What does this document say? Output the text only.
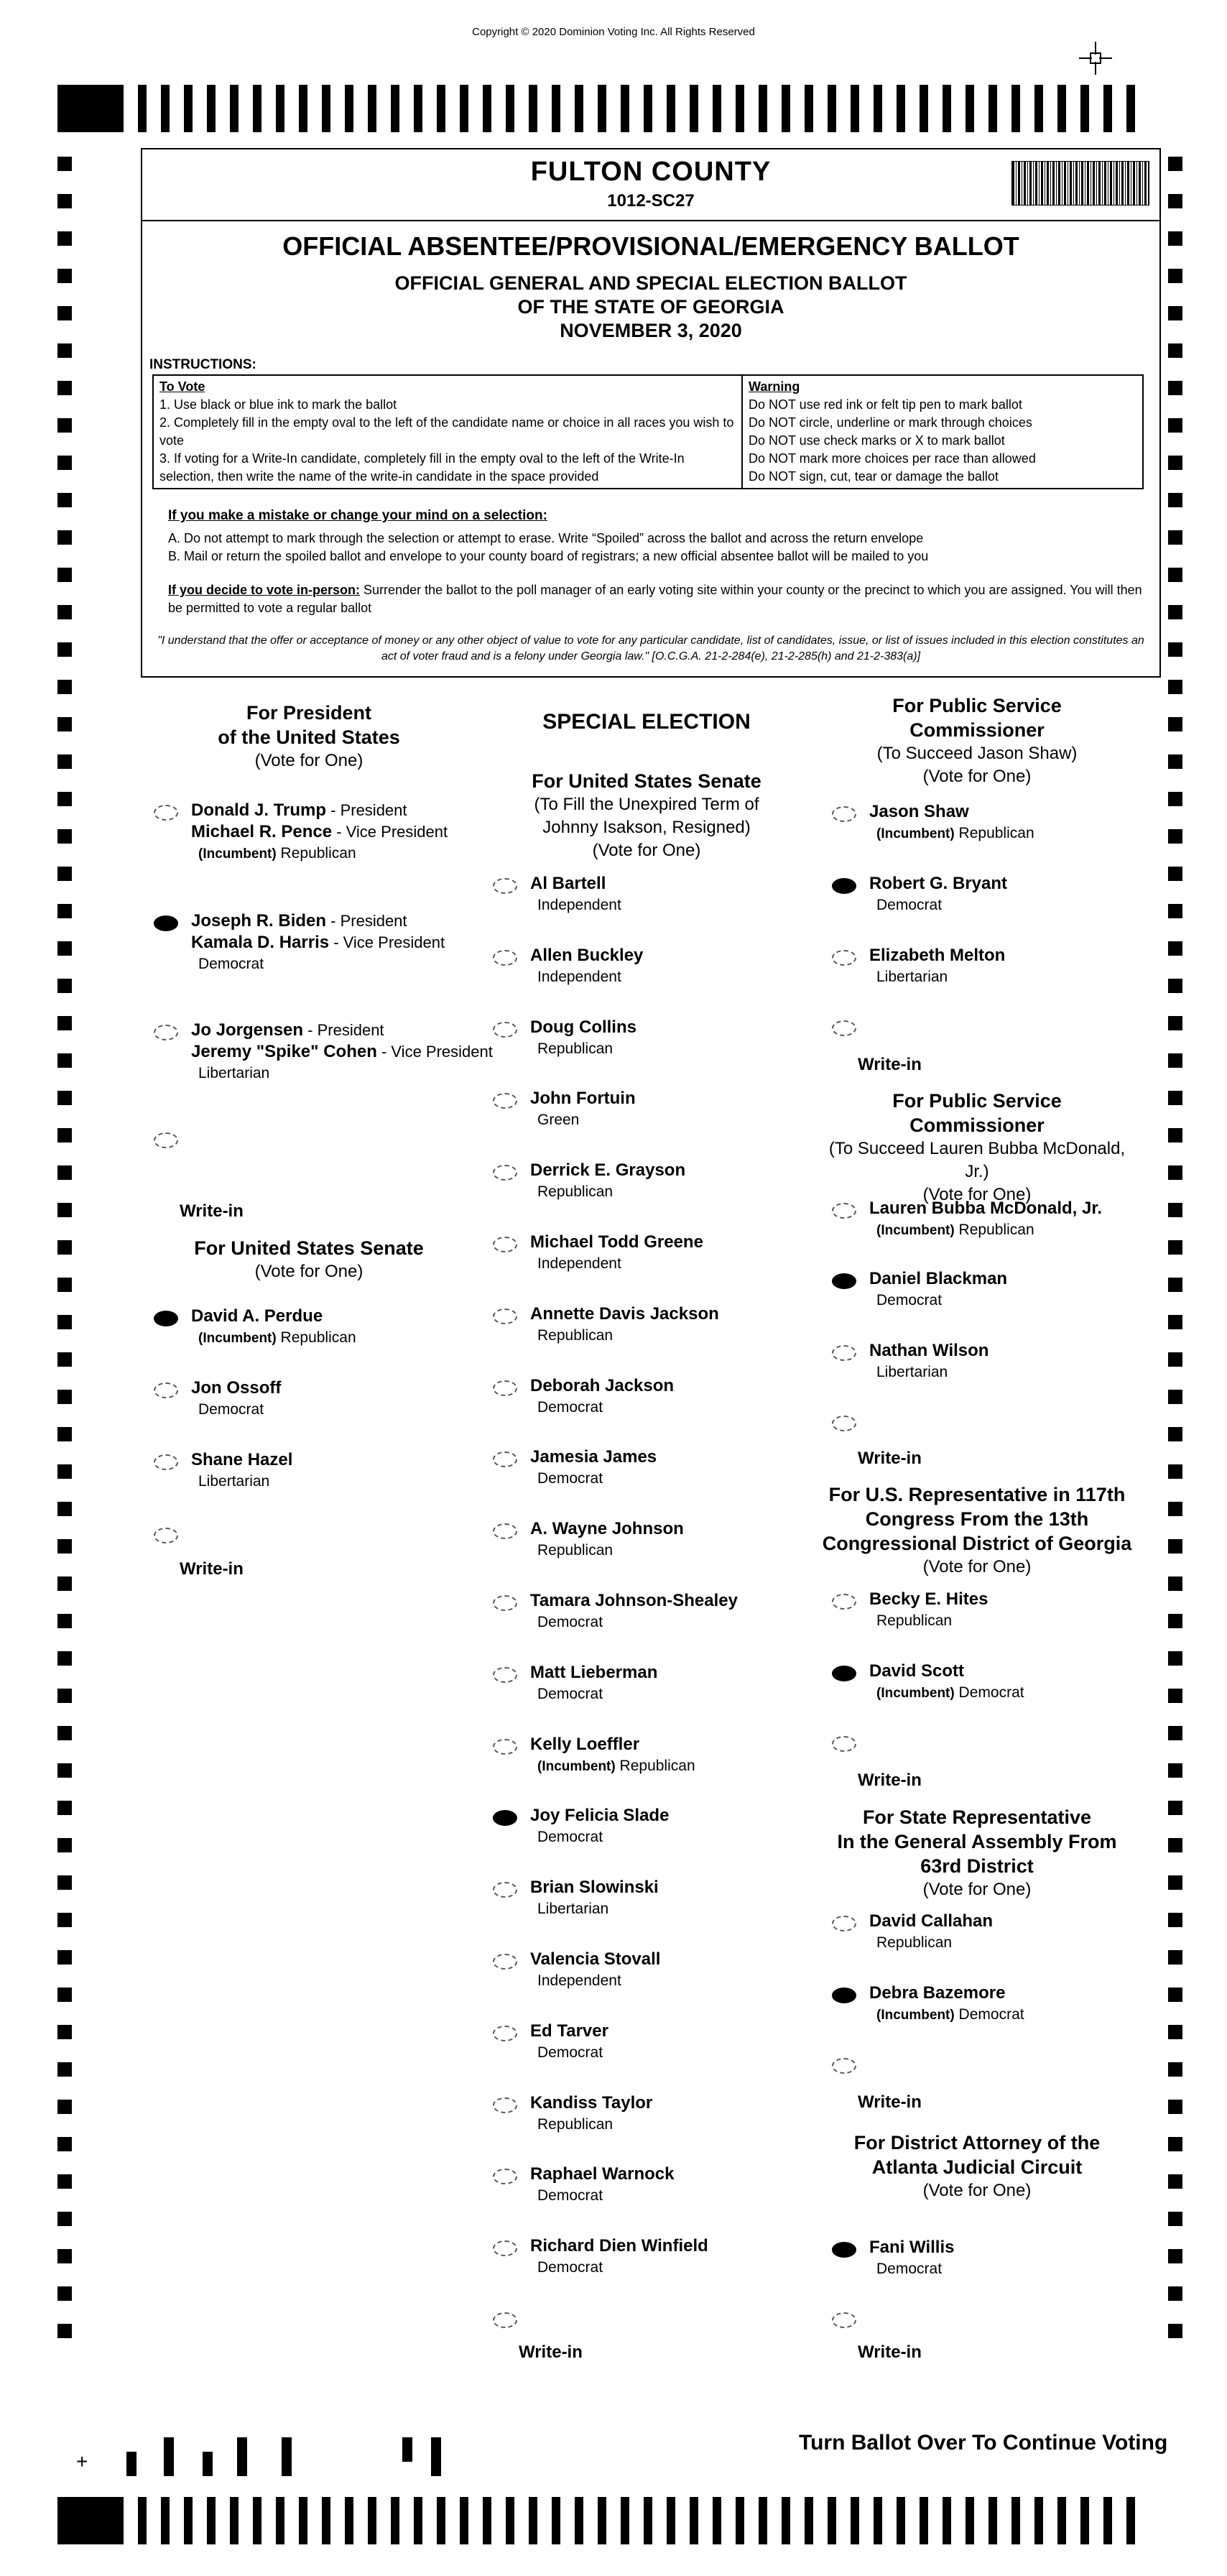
Copyright © 2020 Dominion Voting Inc. All Rights Reserved
FULTON COUNTY
1012-SC27
OFFICIAL ABSENTEE/PROVISIONAL/EMERGENCY BALLOT
OFFICIAL GENERAL AND SPECIAL ELECTION BALLOT
OF THE STATE OF GEORGIA
NOVEMBER 3, 2020
INSTRUCTIONS:
To Vote
1. Use black or blue ink to mark the ballot
2. Completely fill in the empty oval to the left of the candidate name or choice in all races you wish to vote
3. If voting for a Write-In candidate, completely fill in the empty oval to the left of the Write-In selection, then write the name of the write-in candidate in the space provided
Warning
Do NOT use red ink or felt tip pen to mark ballot
Do NOT circle, underline or mark through choices
Do NOT use check marks or X to mark ballot
Do NOT mark more choices per race than allowed
Do NOT sign, cut, tear or damage the ballot
If you make a mistake or change your mind on a selection:
A. Do not attempt to mark through the selection or attempt to erase. Write “Spoiled” across the ballot and across the return envelope
B. Mail or return the spoiled ballot and envelope to your county board of registrars; a new official absentee ballot will be mailed to you
If you decide to vote in-person: Surrender the ballot to the poll manager of an early voting site within your county or the precinct to which you are assigned. You will then be permitted to vote a regular ballot
"I understand that the offer or acceptance of money or any other object of value to vote for any particular candidate, list of candidates, issue, or list of issues included in this election constitutes an act of voter fraud and is a felony under Georgia law." [O.C.G.A. 21-2-284(e), 21-2-285(h) and 21-2-383(a)]
For President
of the United States
(Vote for One)
Donald J. Trump - President
Michael R. Pence - Vice President
(Incumbent) Republican
Joseph R. Biden - President
Kamala D. Harris - Vice President
Democrat
Jo Jorgensen - President
Jeremy "Spike" Cohen - Vice President
Libertarian
Write-in
For United States Senate
(Vote for One)
David A. Perdue
(Incumbent) Republican
Jon Ossoff
Democrat
Shane Hazel
Libertarian
Write-in
SPECIAL ELECTION
For United States Senate
(To Fill the Unexpired Term of
Johnny Isakson, Resigned)
(Vote for One)
Al Bartell
Independent
Allen Buckley
Independent
Doug Collins
Republican
John Fortuin
Green
Derrick E. Grayson
Republican
Michael Todd Greene
Independent
Annette Davis Jackson
Republican
Deborah Jackson
Democrat
Jamesia James
Democrat
A. Wayne Johnson
Republican
Tamara Johnson-Shealey
Democrat
Matt Lieberman
Democrat
Kelly Loeffler
(Incumbent) Republican
Joy Felicia Slade
Democrat
Brian Slowinski
Libertarian
Valencia Stovall
Independent
Ed Tarver
Democrat
Kandiss Taylor
Republican
Raphael Warnock
Democrat
Richard Dien Winfield
Democrat
Write-in
For Public Service
Commissioner
(To Succeed Jason Shaw)
(Vote for One)
For Public Service
Commissioner
(To Succeed Lauren Bubba McDonald, Jr.)
(Vote for One)
For U.S. Representative in 117th
Congress From the 13th
Congressional District of Georgia
(Vote for One)
For State Representative
In the General Assembly From
63rd District
(Vote for One)
For District Attorney of the
Atlanta Judicial Circuit
(Vote for One)
Jason Shaw
(Incumbent) Republican
Robert G. Bryant
Democrat
Elizabeth Melton
Libertarian
Write-in
Lauren Bubba McDonald, Jr.
(Incumbent) Republican
Daniel Blackman
Democrat
Nathan Wilson
Libertarian
Write-in
Becky E. Hites
Republican
David Scott
(Incumbent) Democrat
Write-in
David Callahan
Republican
Debra Bazemore
(Incumbent) Democrat
Write-in
Fani Willis
Democrat
Write-in
+
Turn Ballot Over To Continue Voting
